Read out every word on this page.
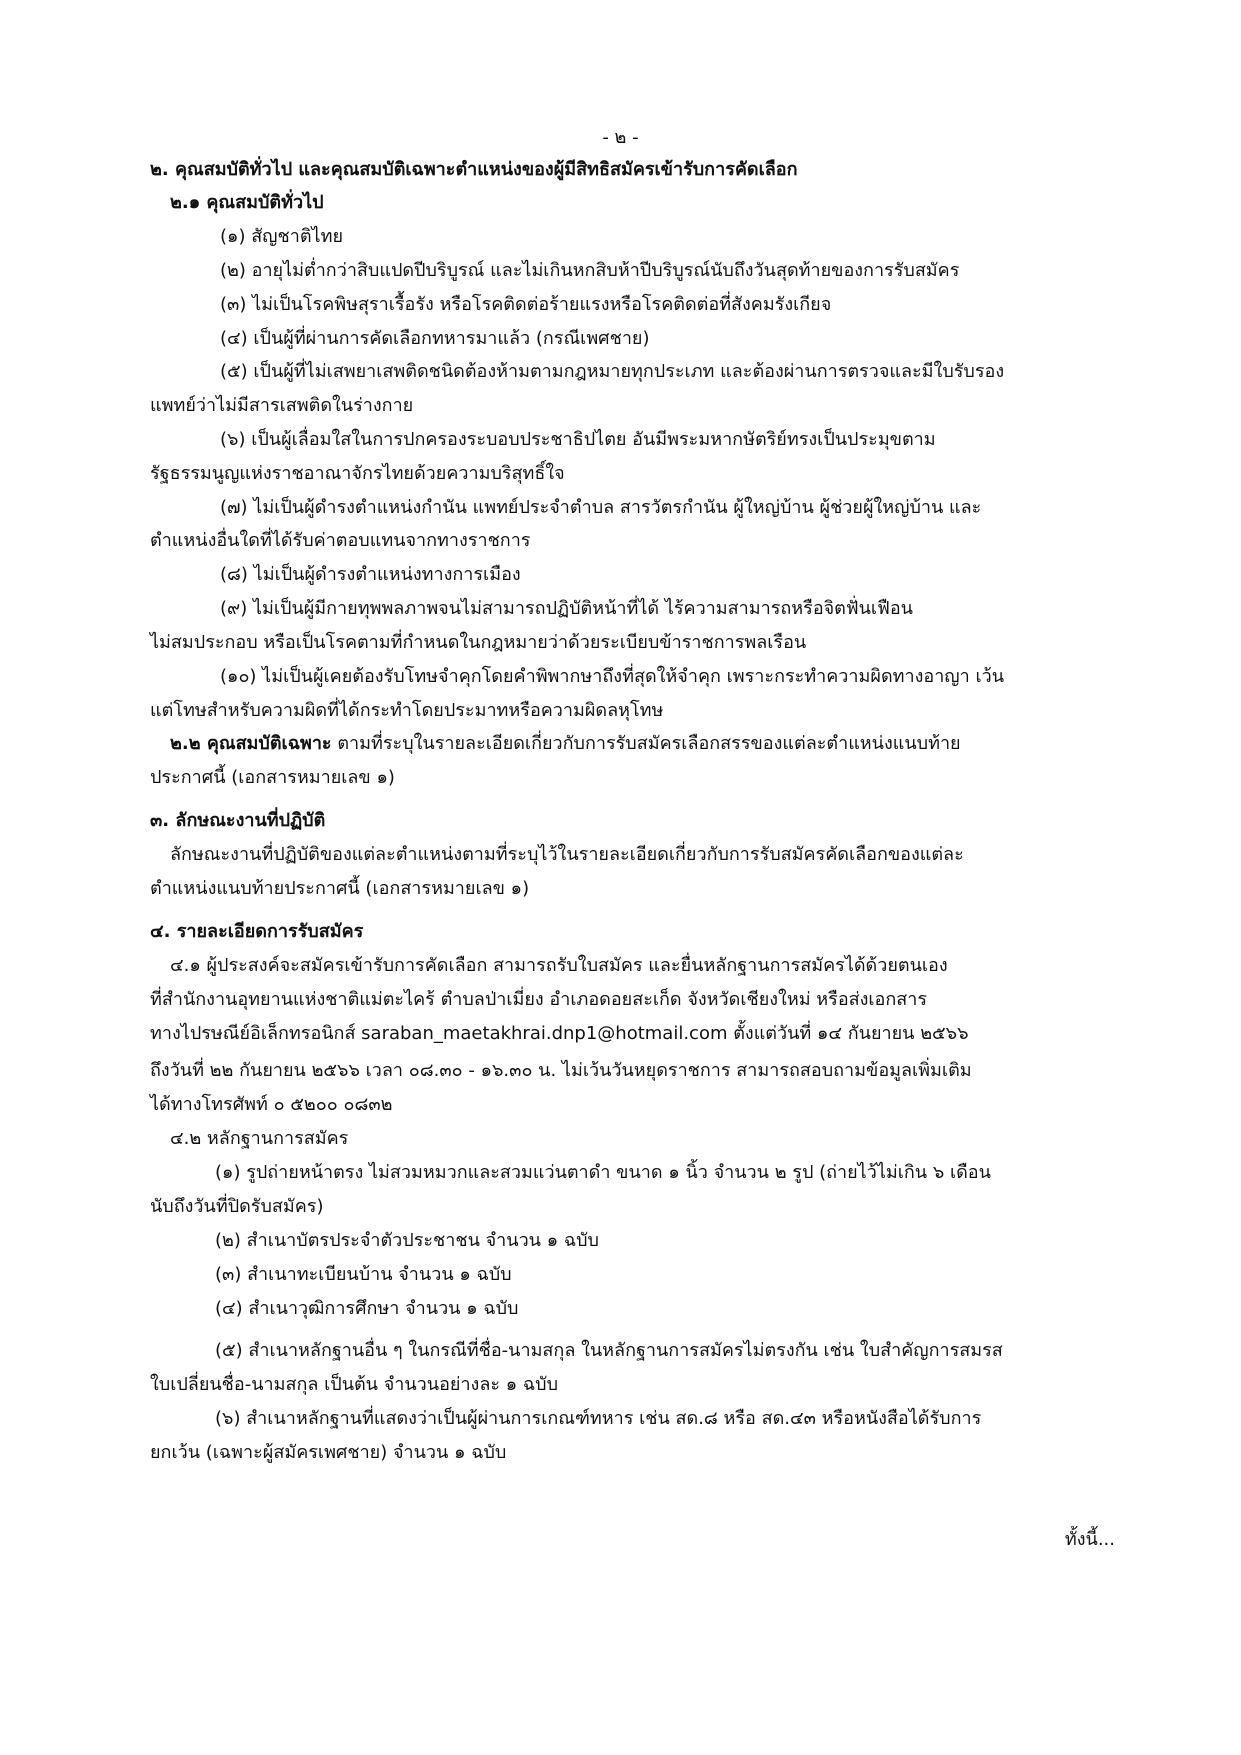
- ๒ -
๒. คุณสมบัติทั่วไป และคุณสมบัติเฉพาะตำแหน่งของผู้มีสิทธิสมัครเข้ารับการคัดเลือก
๒.๑ คุณสมบัติทั่วไป
(๑) สัญชาติไทย
(๒) อายุไม่ต่ำกว่าสิบแปดปีบริบูรณ์ และไม่เกินหกสิบห้าปีบริบูรณ์นับถึงวันสุดท้ายของการรับสมัคร
(๓) ไม่เป็นโรคพิษสุราเรื้อรัง หรือโรคติดต่อร้ายแรงหรือโรคติดต่อที่สังคมรังเกียจ
(๔) เป็นผู้ที่ผ่านการคัดเลือกทหารมาแล้ว (กรณีเพศชาย)
(๕) เป็นผู้ที่ไม่เสพยาเสพติดชนิดต้องห้ามตามกฎหมายทุกประเภท และต้องผ่านการตรวจและมีใบรับรอง
แพทย์ว่าไม่มีสารเสพติดในร่างกาย
(๖) เป็นผู้เลื่อมใสในการปกครองระบอบประชาธิปไตย อันมีพระมหากษัตริย์ทรงเป็นประมุขตาม
รัฐธรรมนูญแห่งราชอาณาจักรไทยด้วยความบริสุทธิ์ใจ
(๗) ไม่เป็นผู้ดำรงตำแหน่งกำนัน แพทย์ประจำตำบล สารวัตรกำนัน ผู้ใหญ่บ้าน ผู้ช่วยผู้ใหญ่บ้าน และ
ตำแหน่งอื่นใดที่ได้รับค่าตอบแทนจากทางราชการ
(๘) ไม่เป็นผู้ดำรงตำแหน่งทางการเมือง
(๙) ไม่เป็นผู้มีกายทุพพลภาพจนไม่สามารถปฏิบัติหน้าที่ได้ ไร้ความสามารถหรือจิตฟั่นเฟือน
ไม่สมประกอบ หรือเป็นโรคตามที่กำหนดในกฎหมายว่าด้วยระเบียบข้าราชการพลเรือน
(๑๐) ไม่เป็นผู้เคยต้องรับโทษจำคุกโดยคำพิพากษาถึงที่สุดให้จำคุก เพราะกระทำความผิดทางอาญา เว้น
แต่โทษสำหรับความผิดที่ได้กระทำโดยประมาทหรือความผิดลหุโทษ
๒.๒ คุณสมบัติเฉพาะ ตามที่ระบุในรายละเอียดเกี่ยวกับการรับสมัครเลือกสรรของแต่ละตำแหน่งแนบท้าย
ประกาศนี้ (เอกสารหมายเลข ๑)
๓. ลักษณะงานที่ปฏิบัติ
ลักษณะงานที่ปฏิบัติของแต่ละตำแหน่งตามที่ระบุไว้ในรายละเอียดเกี่ยวกับการรับสมัครคัดเลือกของแต่ละ
ตำแหน่งแนบท้ายประกาศนี้ (เอกสารหมายเลข ๑)
๔. รายละเอียดการรับสมัคร
๔.๑ ผู้ประสงค์จะสมัครเข้ารับการคัดเลือก สามารถรับใบสมัคร และยื่นหลักฐานการสมัครได้ด้วยตนเอง
ที่สำนักงานอุทยานแห่งชาติแม่ตะไคร้ ตำบลป่าเมี่ยง อำเภอดอยสะเก็ด จังหวัดเชียงใหม่ หรือส่งเอกสาร
ทางไปรษณีย์อิเล็กทรอนิกส์ saraban_maetakhrai.dnp1@hotmail.com ตั้งแต่วันที่ ๑๔ กันยายน ๒๕๖๖
ถึงวันที่ ๒๒ กันยายน ๒๕๖๖ เวลา ๐๘.๓๐ - ๑๖.๓๐ น. ไม่เว้นวันหยุดราชการ สามารถสอบถามข้อมูลเพิ่มเติม
ได้ทางโทรศัพท์ ๐ ๕๒๐๐ ๐๘๓๒
๔.๒ หลักฐานการสมัคร
(๑) รูปถ่ายหน้าตรง ไม่สวมหมวกและสวมแว่นตาดำ ขนาด ๑ นิ้ว จำนวน ๒ รูป (ถ่ายไว้ไม่เกิน ๖ เดือน
นับถึงวันที่ปิดรับสมัคร)
(๒) สำเนาบัตรประจำตัวประชาชน จำนวน ๑ ฉบับ
(๓) สำเนาทะเบียนบ้าน จำนวน ๑ ฉบับ
(๔) สำเนาวุฒิการศึกษา จำนวน ๑ ฉบับ
(๕) สำเนาหลักฐานอื่น ๆ ในกรณีที่ชื่อ-นามสกุล ในหลักฐานการสมัครไม่ตรงกัน เช่น ใบสำคัญการสมรส
ใบเปลี่ยนชื่อ-นามสกุล เป็นต้น จำนวนอย่างละ ๑ ฉบับ
(๖) สำเนาหลักฐานที่แสดงว่าเป็นผู้ผ่านการเกณฑ์ทหาร เช่น สด.๘ หรือ สด.๔๓ หรือหนังสือได้รับการ
ยกเว้น (เฉพาะผู้สมัครเพศชาย) จำนวน ๑ ฉบับ
ทั้งนี้...
